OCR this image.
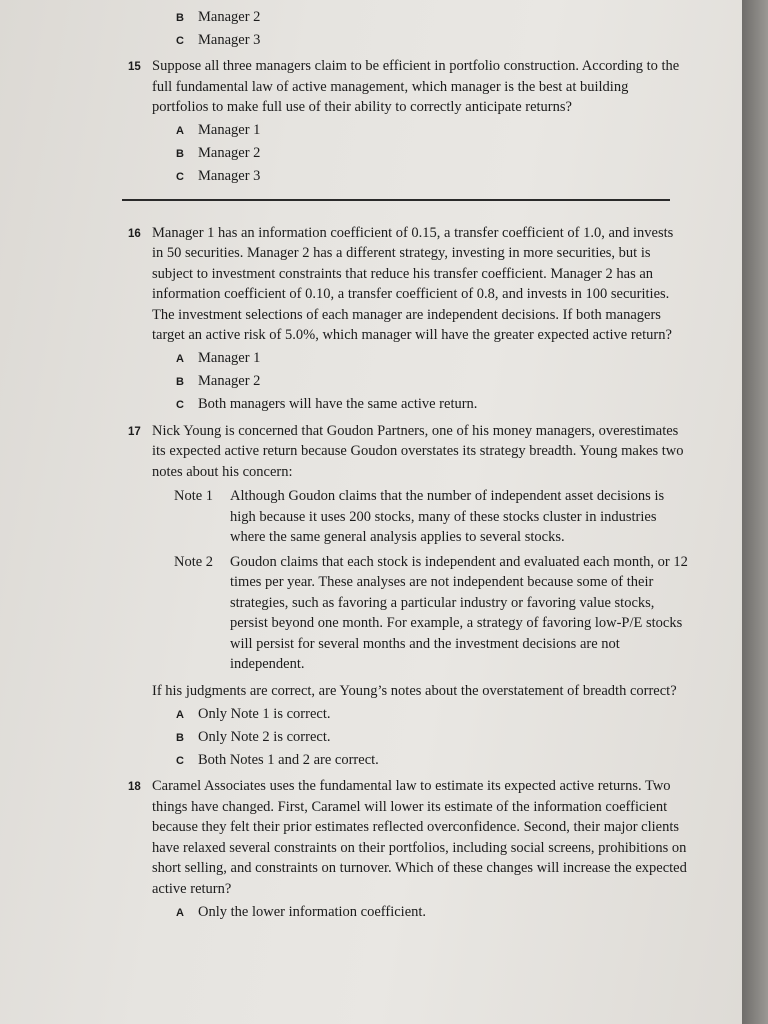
B Manager 2

C Manager 3

15 Suppose all three managers claim to be efficient in portfolio construction. According to the full fundamental law of active management, which manager is the best at building portfolios to make full use of their ability to correctly anticipate returns?

A Manager 1

B Manager 2

C Manager 3

16 Manager 1 has an information coefficient of 0.15, a transfer coefficient of 1.0, and invests in 50 securities. Manager 2 has a different strategy, investing in more securities, but is subject to investment constraints that reduce his transfer coefficient. Manager 2 has an information coefficient of 0.10, a transfer coefficient of 0.8, and invests in 100 securities. The investment selections of each manager are independent decisions. If both managers target an active risk of 5.0%, which manager will have the greater expected active return?

A Manager 1

B Manager 2

C Both managers will have the same active return.

17 Nick Young is concerned that Goudon Partners, one of his money managers, overestimates its expected active return because Goudon overstates its strategy breadth. Young makes two notes about his concern:

Note 1 Although Goudon claims that the number of independent asset decisions is high because it uses 200 stocks, many of these stocks cluster in industries where the same general analysis applies to several stocks.
Note 2 Goudon claims that each stock is independent and evaluated each month, or 12 times per year. These analyses are not independent because some of their strategies, such as favoring a particular industry or favoring value stocks, persist beyond one month. For example, a strategy of favoring low-P/E stocks will persist for several months and the investment decisions are not independent.

If his judgments are correct, are Young’s notes about the overstatement of breadth correct?

A Only Note 1 is correct.

B Only Note 2 is correct.

C Both Notes 1 and 2 are correct.

18 Caramel Associates uses the fundamental law to estimate its expected active returns. Two things have changed. First, Caramel will lower its estimate of the information coefficient because they felt their prior estimates reflected overconfidence. Second, their major clients have relaxed several constraints on their portfolios, including social screens, prohibitions on short selling, and constraints on turnover. Which of these changes will increase the expected active return?

A Only the lower information coefficient.
